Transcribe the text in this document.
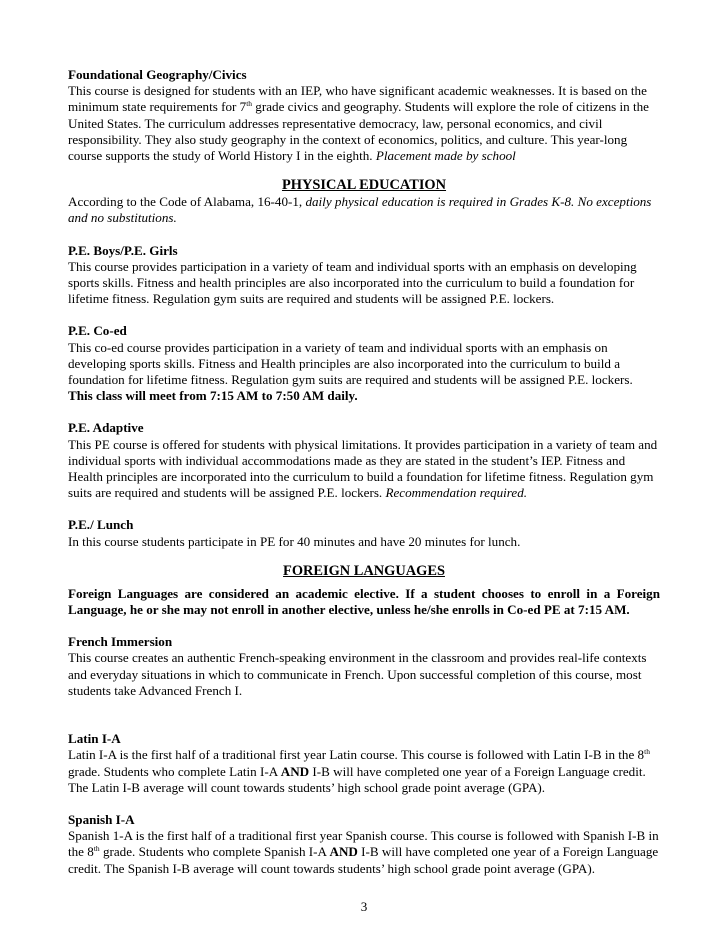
Foundational Geography/Civics

This course is designed for students with an IEP, who have significant academic weaknesses. It is based on the minimum state requirements for 7th grade civics and geography. Students will explore the role of citizens in the United States. The curriculum addresses representative democracy, law, personal economics, and civil responsibility. They also study geography in the context of economics, politics, and culture. This year-long course supports the study of World History I in the eighth. Placement made by school

PHYSICAL EDUCATION

According to the Code of Alabama, 16-40-1, daily physical education is required in Grades K-8. No exceptions and no substitutions.

P.E. Boys/P.E. Girls

This course provides participation in a variety of team and individual sports with an emphasis on developing sports skills. Fitness and health principles are also incorporated into the curriculum to build a foundation for lifetime fitness. Regulation gym suits are required and students will be assigned P.E. lockers.

P.E. Co-ed

This co-ed course provides participation in a variety of team and individual sports with an emphasis on developing sports skills. Fitness and Health principles are also incorporated into the curriculum to build a foundation for lifetime fitness. Regulation gym suits are required and students will be assigned P.E. lockers.

This class will meet from 7:15 AM to 7:50 AM daily.

P.E. Adaptive

This PE course is offered for students with physical limitations. It provides participation in a variety of team and individual sports with individual accommodations made as they are stated in the student’s IEP. Fitness and Health principles are incorporated into the curriculum to build a foundation for lifetime fitness. Regulation gym suits are required and students will be assigned P.E. lockers. Recommendation required.

P.E./ Lunch

In this course students participate in PE for 40 minutes and have 20 minutes for lunch.

FOREIGN LANGUAGES

Foreign Languages are considered an academic elective. If a student chooses to enroll in a Foreign Language, he or she may not enroll in another elective, unless he/she enrolls in Co-ed PE at 7:15 AM.

French Immersion

This course creates an authentic French-speaking environment in the classroom and provides real-life contexts and everyday situations in which to communicate in French. Upon successful completion of this course, most students take Advanced French I.

Latin I-A

Latin I-A is the first half of a traditional first year Latin course. This course is followed with Latin I-B in the 8th grade. Students who complete Latin I-A AND I-B will have completed one year of a Foreign Language credit. The Latin I-B average will count towards students’ high school grade point average (GPA).

Spanish I-A

Spanish 1-A is the first half of a traditional first year Spanish course. This course is followed with Spanish I-B in the 8th grade. Students who complete Spanish I-A AND I-B will have completed one year of a Foreign Language credit. The Spanish I-B average will count towards students’ high school grade point average (GPA).

3
